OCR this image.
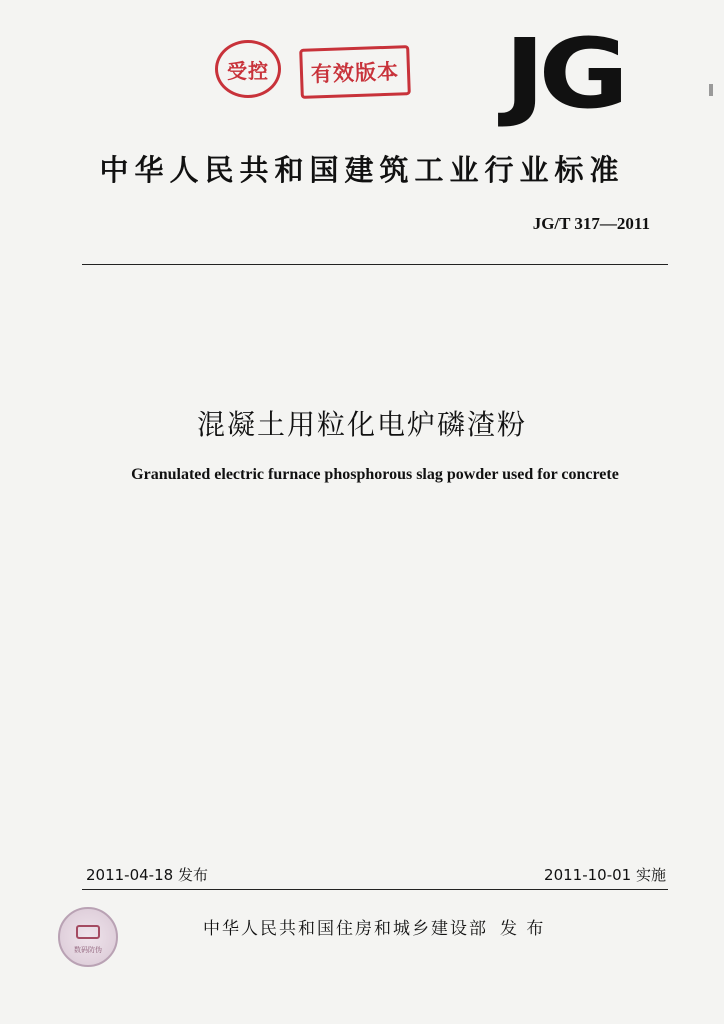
受控 有效版本 JG
中华人民共和国建筑工业行业标准
JG/T 317—2011
混凝土用粒化电炉磷渣粉
Granulated electric furnace phosphorous slag powder used for concrete
2011-04-18 发布	2011-10-01 实施
数码防伪
中华人民共和国住房和城乡建设部 发 布
